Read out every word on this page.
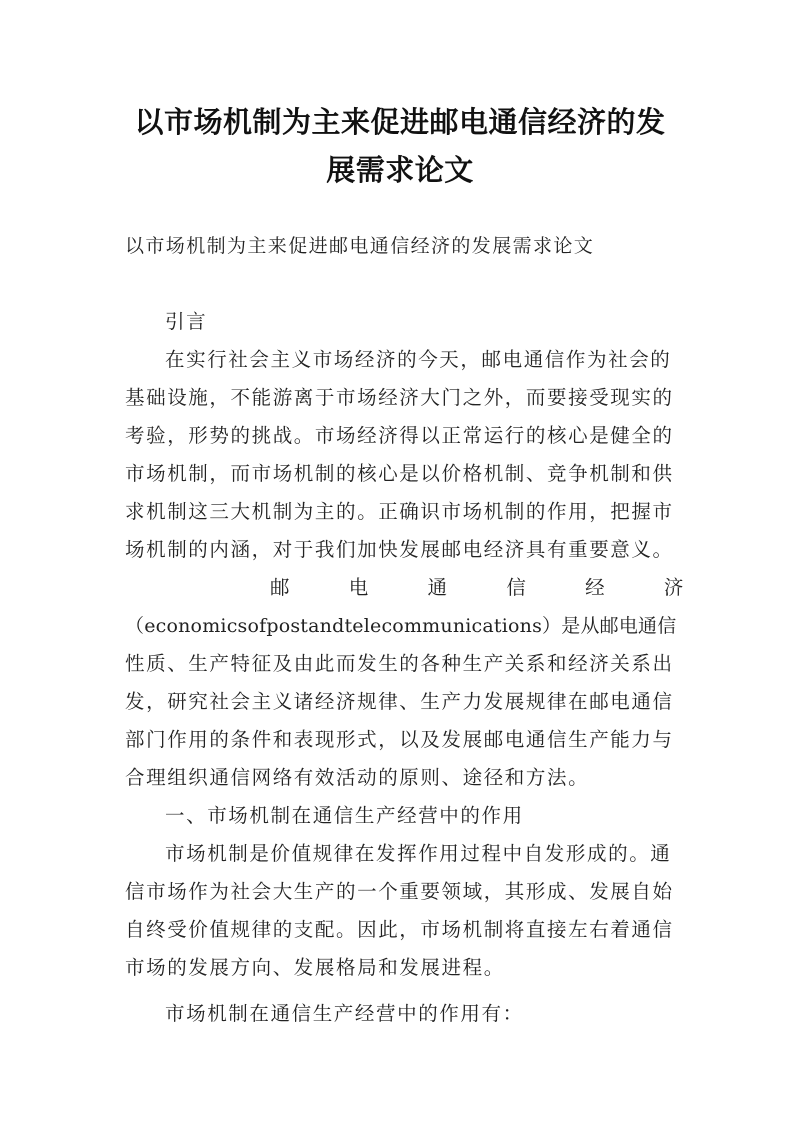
以市场机制为主来促进邮电通信经济的发
展需求论文
以市场机制为主来促进邮电通信经济的发展需求论文
引言
在实行社会主义市场经济的今天，邮电通信作为社会的
基础设施，不能游离于市场经济大门之外，而要接受现实的
考验，形势的挑战。市场经济得以正常运行的核心是健全的
市场机制，而市场机制的核心是以价格机制、竞争机制和供
求机制这三大机制为主的。正确识市场机制的作用，把握市
场机制的内涵，对于我们加快发展邮电经济具有重要意义。
邮　电　通　信　经　济
（economicsofpostandtelecommunications）是从邮电通信
性质、生产特征及由此而发生的各种生产关系和经济关系出
发，研究社会主义诸经济规律、生产力发展规律在邮电通信
部门作用的条件和表现形式，以及发展邮电通信生产能力与
合理组织通信网络有效活动的原则、途径和方法。
一、市场机制在通信生产经营中的作用
市场机制是价值规律在发挥作用过程中自发形成的。通
信市场作为社会大生产的一个重要领域，其形成、发展自始
自终受价值规律的支配。因此，市场机制将直接左右着通信
市场的发展方向、发展格局和发展进程。
市场机制在通信生产经营中的作用有：
